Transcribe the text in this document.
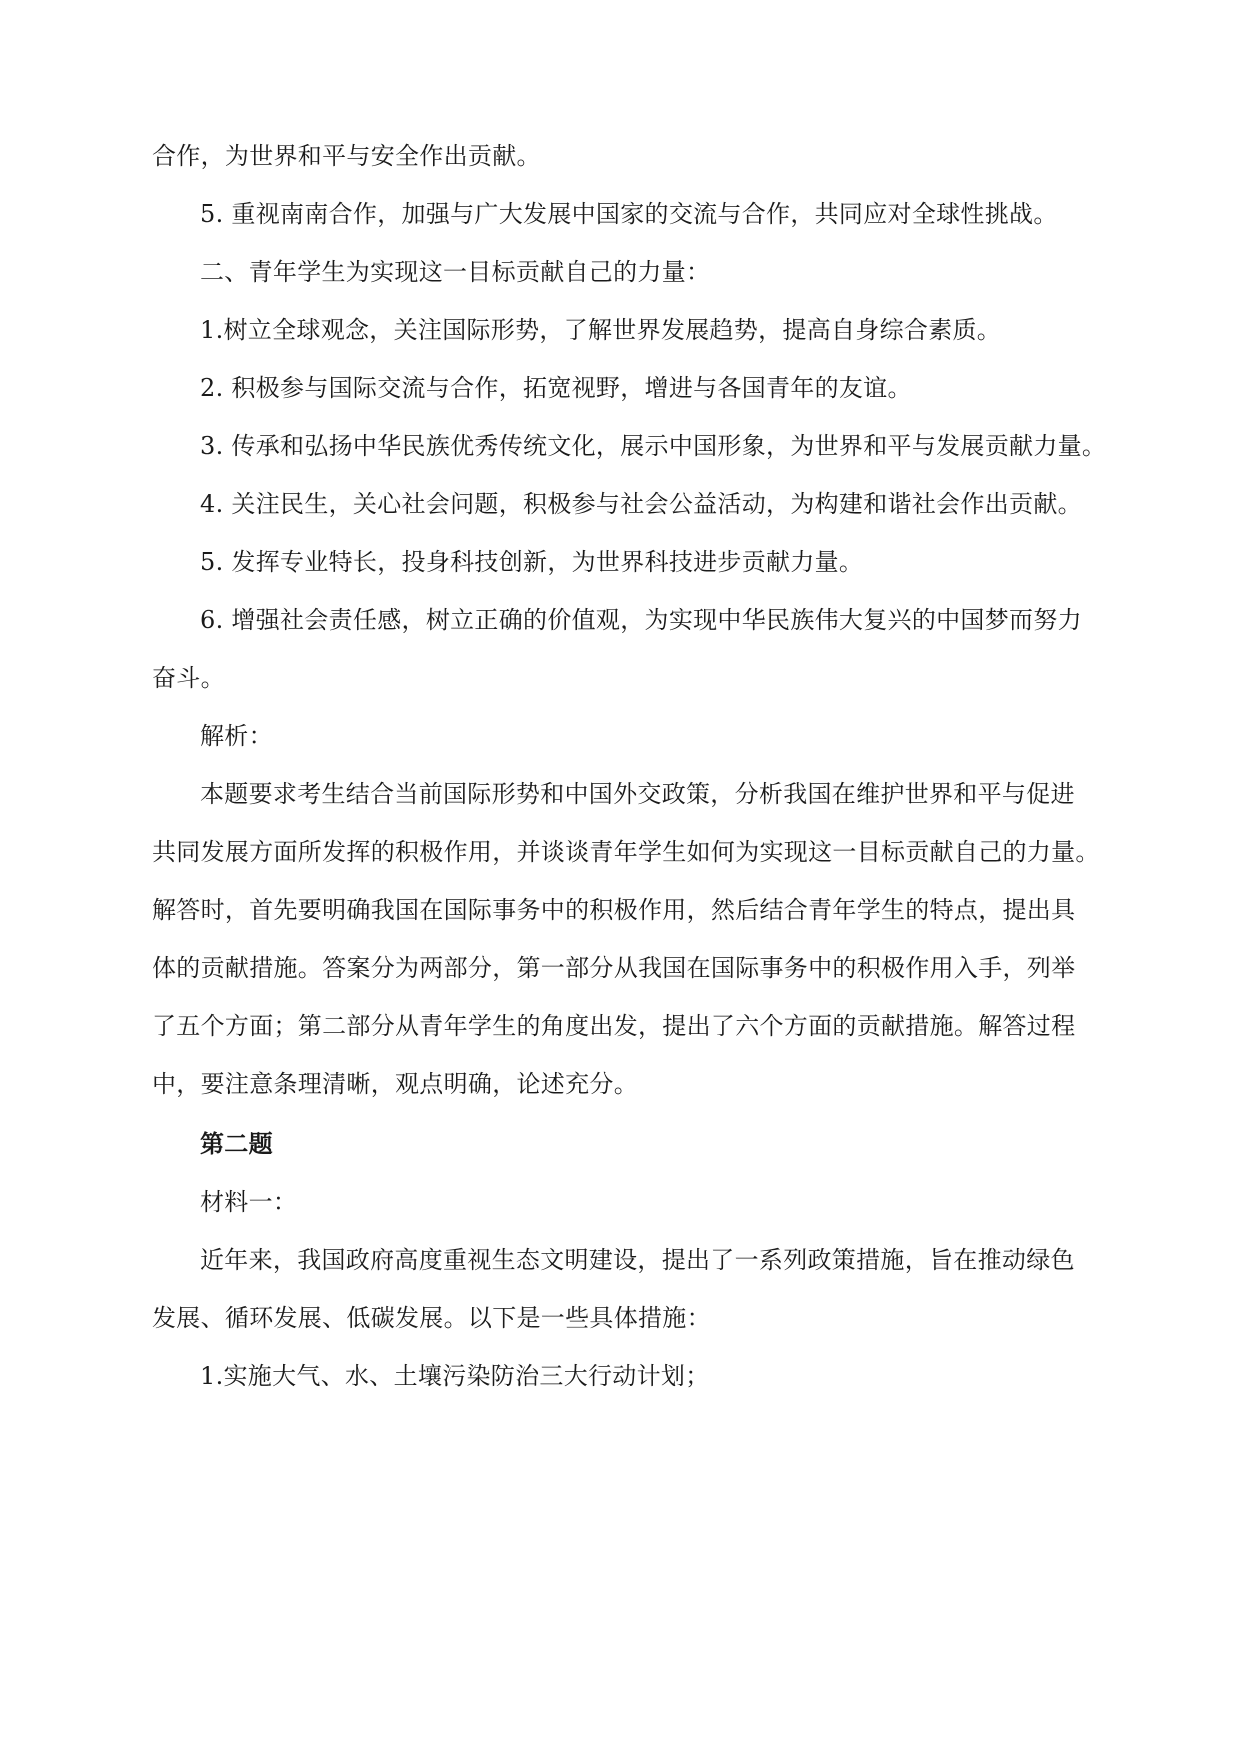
合作，为世界和平与安全作出贡献。
5. 重视南南合作，加强与广大发展中国家的交流与合作，共同应对全球性挑战。
二、青年学生为实现这一目标贡献自己的力量：
1.树立全球观念，关注国际形势，了解世界发展趋势，提高自身综合素质。
2. 积极参与国际交流与合作，拓宽视野，增进与各国青年的友谊。
3. 传承和弘扬中华民族优秀传统文化，展示中国形象，为世界和平与发展贡献力量。
4. 关注民生，关心社会问题，积极参与社会公益活动，为构建和谐社会作出贡献。
5. 发挥专业特长，投身科技创新，为世界科技进步贡献力量。
6. 增强社会责任感，树立正确的价值观，为实现中华民族伟大复兴的中国梦而努力
奋斗。
解析：
本题要求考生结合当前国际形势和中国外交政策，分析我国在维护世界和平与促进
共同发展方面所发挥的积极作用，并谈谈青年学生如何为实现这一目标贡献自己的力量。
解答时，首先要明确我国在国际事务中的积极作用，然后结合青年学生的特点，提出具
体的贡献措施。答案分为两部分，第一部分从我国在国际事务中的积极作用入手，列举
了五个方面；第二部分从青年学生的角度出发，提出了六个方面的贡献措施。解答过程
中，要注意条理清晰，观点明确，论述充分。
第二题
材料一：
近年来，我国政府高度重视生态文明建设，提出了一系列政策措施，旨在推动绿色
发展、循环发展、低碳发展。以下是一些具体措施：
1.实施大气、水、土壤污染防治三大行动计划；
